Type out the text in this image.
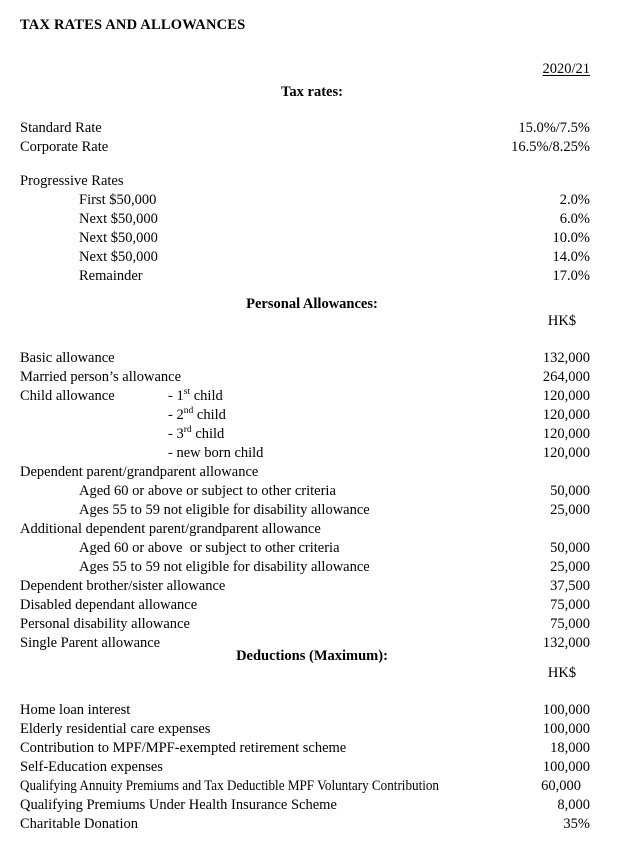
TAX RATES AND ALLOWANCES
2020/21
Tax rates:
Standard Rate	15.0%/7.5%
Corporate Rate	16.5%/8.25%
Progressive Rates
First $50,000	2.0%
Next $50,000	6.0%
Next $50,000	10.0%
Next $50,000	14.0%
Remainder	17.0%
Personal Allowances:
HK$
Basic allowance	132,000
Married person’s allowance	264,000
Child allowance	- 1st child	120,000
- 2nd child	120,000
- 3rd child	120,000
- new born child	120,000
Dependent parent/grandparent allowance
Aged 60 or above or subject to other criteria	50,000
Ages 55 to 59 not eligible for disability allowance	25,000
Additional dependent parent/grandparent allowance
Aged 60 or above  or subject to other criteria	50,000
Ages 55 to 59 not eligible for disability allowance	25,000
Dependent brother/sister allowance	37,500
Disabled dependant allowance	75,000
Personal disability allowance	75,000
Single Parent allowance	132,000
Deductions (Maximum):
HK$
Home loan interest	100,000
Elderly residential care expenses	100,000
Contribution to MPF/MPF-exempted retirement scheme	18,000
Self-Education expenses	100,000
Qualifying Annuity Premiums and Tax Deductible MPF Voluntary Contribution	60,000
Qualifying Premiums Under Health Insurance Scheme	8,000
Charitable Donation	35%
